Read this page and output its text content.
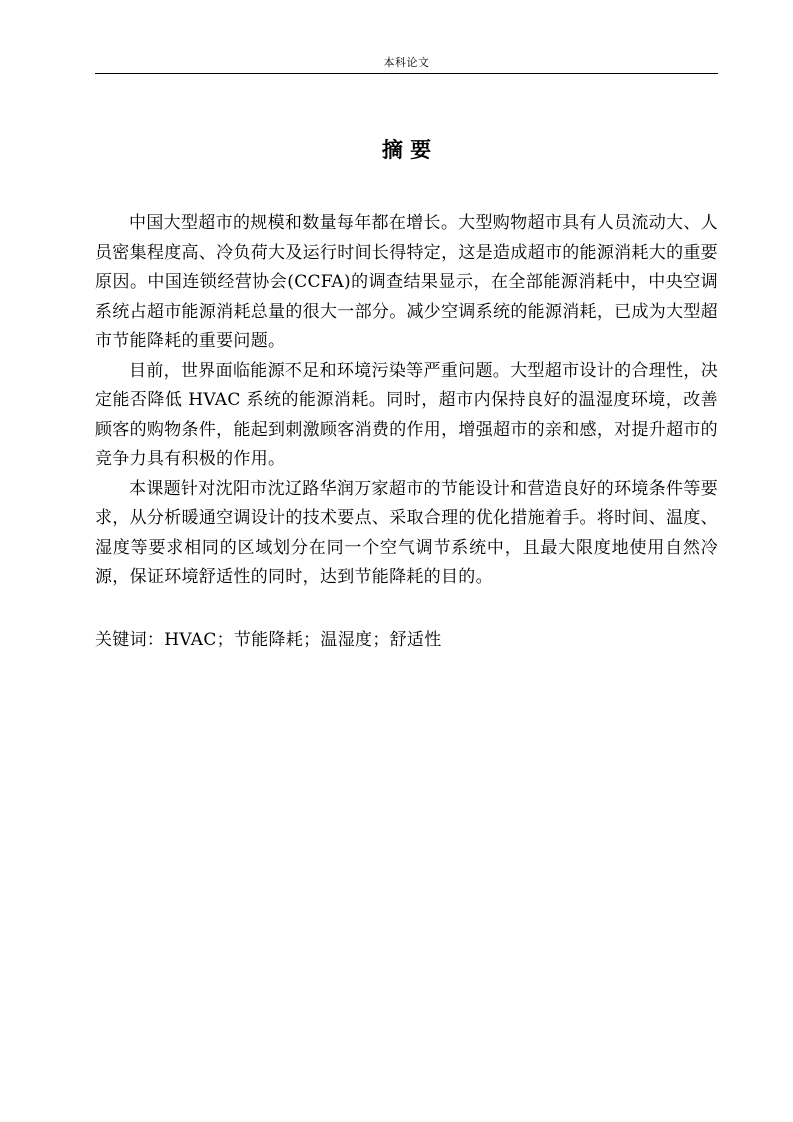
本科论文
摘 要

中国大型超市的规模和数量每年都在增长。大型购物超市具有人员流动大、人员密集程度高、冷负荷大及运行时间长得特定，这是造成超市的能源消耗大的重要原因。中国连锁经营协会(CCFA)的调查结果显示，在全部能源消耗中，中央空调系统占超市能源消耗总量的很大一部分。减少空调系统的能源消耗，已成为大型超市节能降耗的重要问题。

目前，世界面临能源不足和环境污染等严重问题。大型超市设计的合理性，决定能否降低 HVAC 系统的能源消耗。同时，超市内保持良好的温湿度环境，改善顾客的购物条件，能起到刺激顾客消费的作用，增强超市的亲和感，对提升超市的竞争力具有积极的作用。

本课题针对沈阳市沈辽路华润万家超市的节能设计和营造良好的环境条件等要求，从分析暖通空调设计的技术要点、采取合理的优化措施着手。将时间、温度、湿度等要求相同的区域划分在同一个空气调节系统中，且最大限度地使用自然冷源，保证环境舒适性的同时，达到节能降耗的目的。

关键词：HVAC；节能降耗；温湿度；舒适性
